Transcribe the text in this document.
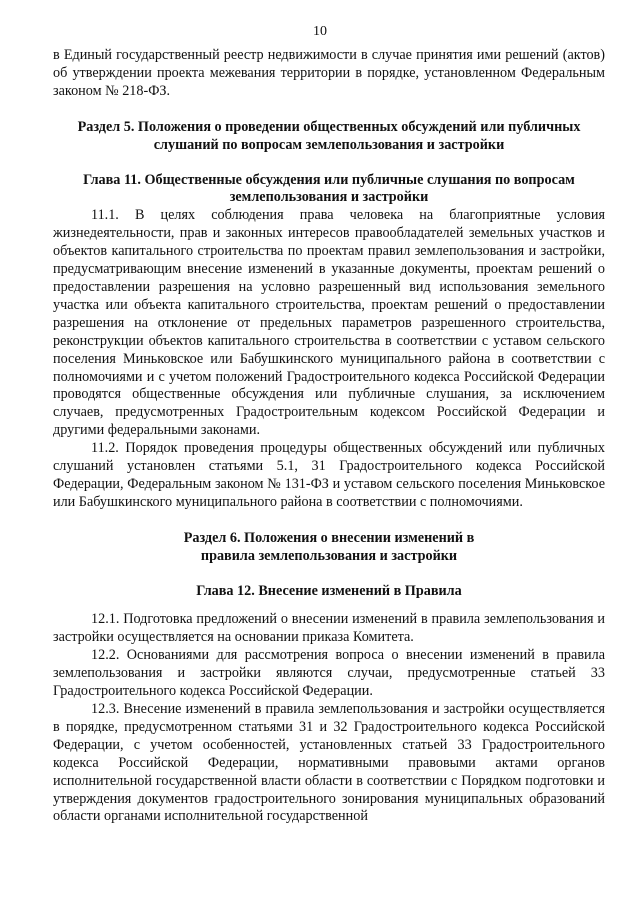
10

в Единый государственный реестр недвижимости в случае принятия ими решений (актов) об утверждении проекта межевания территории в порядке, установленном Федеральным законом № 218-ФЗ.

Раздел 5. Положения о проведении общественных обсуждений или публичных
слушаний по вопросам землепользования и застройки
Глава 11. Общественные обсуждения или публичные слушания по вопросам
землепользования и застройки

11.1. В целях соблюдения права человека на благоприятные условия жизнедеятельности, прав и законных интересов правообладателей земельных участков и объектов капитального строительства по проектам правил землепользования и застройки, предусматривающим внесение изменений в указанные документы, проектам решений о предоставлении разрешения на условно разрешенный вид использования земельного участка или объекта капитального строительства, проектам решений о предоставлении разрешения на отклонение от предельных параметров разрешенного строительства, реконструкции объектов капитального строительства в соответствии с уставом сельского поселения Миньковское или Бабушкинского муниципального района в соответствии с полномочиями и с учетом положений Градостроительного кодекса Российской Федерации проводятся общественные обсуждения или публичные слушания, за исключением случаев, предусмотренных Градостроительным кодексом Российской Федерации и другими федеральными законами.

11.2. Порядок проведения процедуры общественных обсуждений или публичных слушаний установлен статьями 5.1, 31 Градостроительного кодекса Российской Федерации, Федеральным законом № 131-ФЗ и уставом сельского поселения Миньковское или Бабушкинского муниципального района в соответствии с полномочиями.

Раздел 6. Положения о внесении изменений в
правила землепользования и застройки
Глава 12. Внесение изменений в Правила

12.1. Подготовка предложений о внесении изменений в правила землепользования и застройки осуществляется на основании приказа Комитета.

12.2. Основаниями для рассмотрения вопроса о внесении изменений в правила землепользования и застройки являются случаи, предусмотренные статьей 33 Градостроительного кодекса Российской Федерации.

12.3. Внесение изменений в правила землепользования и застройки осуществляется в порядке, предусмотренном статьями 31 и 32 Градостроительного кодекса Российской Федерации, с учетом особенностей, установленных статьей 33 Градостроительного кодекса Российской Федерации, нормативными правовыми актами органов исполнительной государственной власти области в соответствии с Порядком подготовки и утверждения документов градостроительного зонирования муниципальных образований области органами исполнительной государственной
